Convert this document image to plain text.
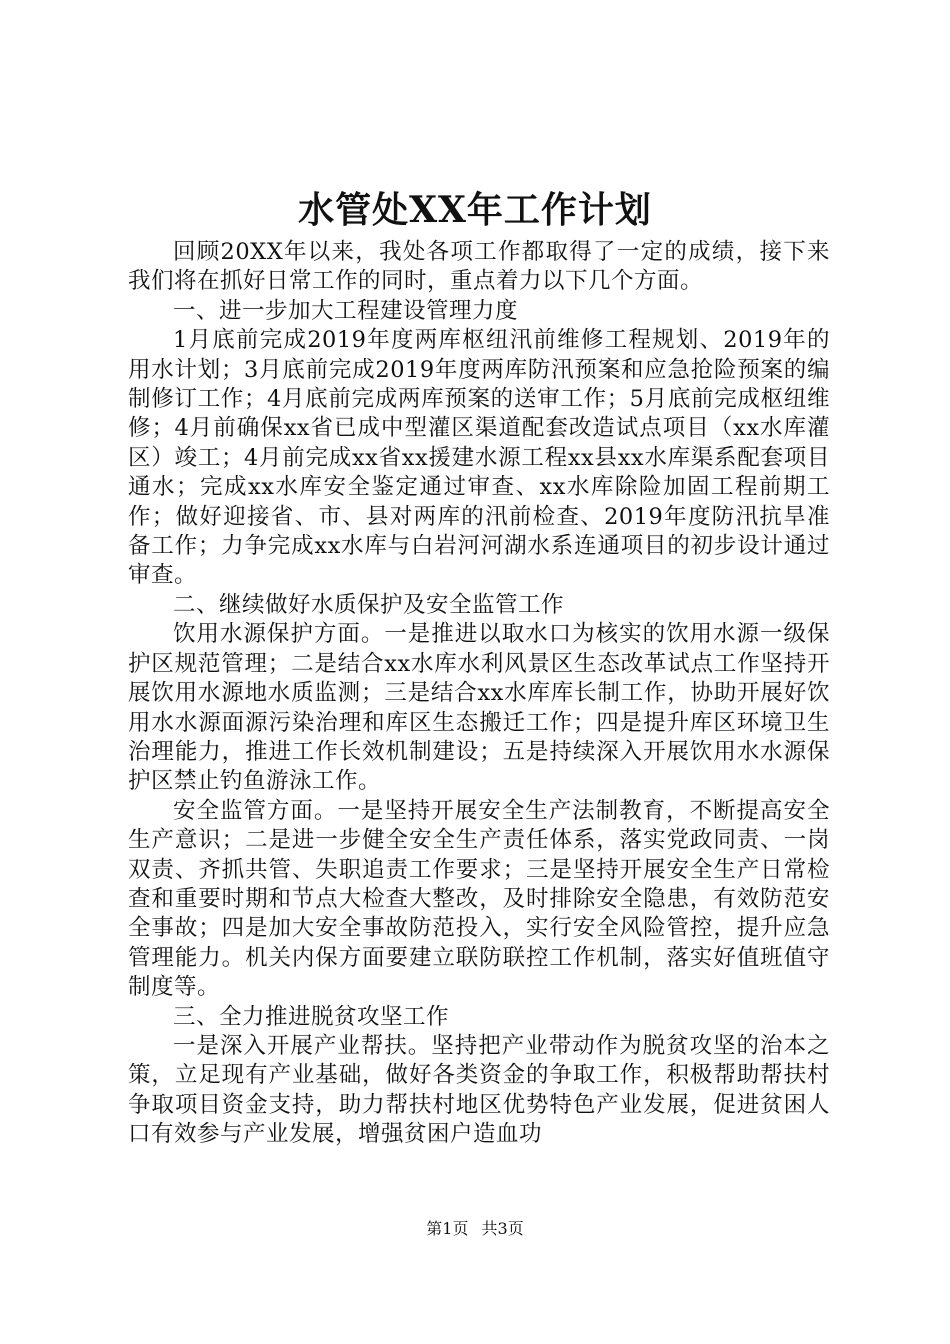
水管处XX年工作计划

回顾20XX年以来，我处各项工作都取得了一定的成绩，接下来我们将在抓好日常工作的同时，重点着力以下几个方面。

一、进一步加大工程建设管理力度

1月底前完成2019年度两库枢纽汛前维修工程规划、2019年的用水计划；3月底前完成2019年度两库防汛预案和应急抢险预案的编制修订工作；4月底前完成两库预案的送审工作；5月底前完成枢纽维修；4月前确保xx省已成中型灌区渠道配套改造试点项目（xx水库灌区）竣工；4月前完成xx省xx援建水源工程xx县xx水库渠系配套项目通水；完成xx水库安全鉴定通过审查、xx水库除险加固工程前期工作；做好迎接省、市、县对两库的汛前检查、2019年度防汛抗旱准备工作；力争完成xx水库与白岩河河湖水系连通项目的初步设计通过审查。

二、继续做好水质保护及安全监管工作

饮用水源保护方面。一是推进以取水口为核实的饮用水源一级保护区规范管理；二是结合xx水库水利风景区生态改革试点工作坚持开展饮用水源地水质监测；三是结合xx水库库长制工作，协助开展好饮用水水源面源污染治理和库区生态搬迁工作；四是提升库区环境卫生治理能力，推进工作长效机制建设；五是持续深入开展饮用水水源保护区禁止钓鱼游泳工作。

安全监管方面。一是坚持开展安全生产法制教育，不断提高安全生产意识；二是进一步健全安全生产责任体系，落实党政同责、一岗双责、齐抓共管、失职追责工作要求；三是坚持开展安全生产日常检查和重要时期和节点大检查大整改，及时排除安全隐患，有效防范安全事故；四是加大安全事故防范投入，实行安全风险管控，提升应急管理能力。机关内保方面要建立联防联控工作机制，落实好值班值守制度等。

三、全力推进脱贫攻坚工作

一是深入开展产业帮扶。坚持把产业带动作为脱贫攻坚的治本之策，立足现有产业基础，做好各类资金的争取工作，积极帮助帮扶村争取项目资金支持，助力帮扶村地区优势特色产业发展，促进贫困人口有效参与产业发展，增强贫困户造血功

第1页 共3页
